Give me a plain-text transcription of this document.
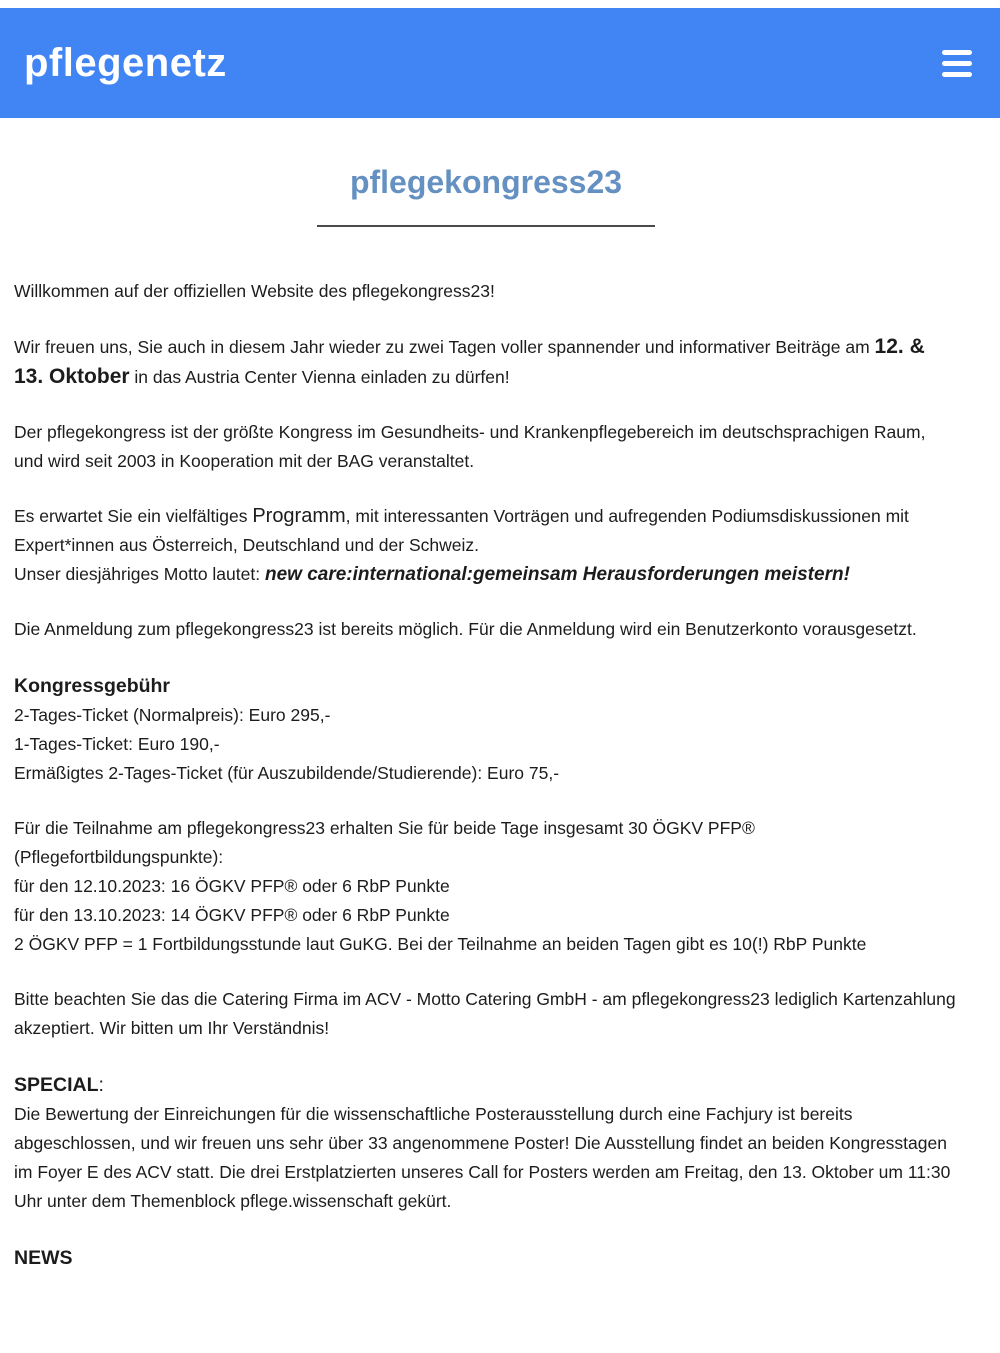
pflegenetz
pflegekongress23

Willkommen auf der offiziellen Website des pflegekongress23!

Wir freuen uns, Sie auch in diesem Jahr wieder zu zwei Tagen voller spannender und informativer Beiträge am 12. & 13. Oktober in das Austria Center Vienna einladen zu dürfen!

Der pflegekongress ist der größte Kongress im Gesundheits- und Krankenpflegebereich im deutschsprachigen Raum, und wird seit 2003 in Kooperation mit der BAG veranstaltet.

Es erwartet Sie ein vielfältiges Programm, mit interessanten Vorträgen und aufregenden Podiumsdiskussionen mit Expert*innen aus Österreich, Deutschland und der Schweiz.
Unser diesjähriges Motto lautet: new care:international:gemeinsam Herausforderungen meistern!

Die Anmeldung zum pflegekongress23 ist bereits möglich. Für die Anmeldung wird ein Benutzerkonto vorausgesetzt.

Kongressgebühr
2-Tages-Ticket (Normalpreis): Euro 295,-
1-Tages-Ticket: Euro 190,-
Ermäßigtes 2-Tages-Ticket (für Auszubildende/Studierende): Euro 75,-
Für die Teilnahme am pflegekongress23 erhalten Sie für beide Tage insgesamt 30 ÖGKV PFP® (Pflegefortbildungspunkte):
für den 12.10.2023: 16 ÖGKV PFP® oder 6 RbP Punkte
für den 13.10.2023: 14 ÖGKV PFP® oder 6 RbP Punkte
2 ÖGKV PFP = 1 Fortbildungsstunde laut GuKG. Bei der Teilnahme an beiden Tagen gibt es 10(!) RbP Punkte

Bitte beachten Sie das die Catering Firma im ACV - Motto Catering GmbH - am pflegekongress23 lediglich Kartenzahlung akzeptiert. Wir bitten um Ihr Verständnis!

SPECIAL:

Die Bewertung der Einreichungen für die wissenschaftliche Posterausstellung durch eine Fachjury ist bereits abgeschlossen, und wir freuen uns sehr über 33 angenommene Poster! Die Ausstellung findet an beiden Kongresstagen im Foyer E des ACV statt. Die drei Erstplatzierten unseres Call for Posters werden am Freitag, den 13. Oktober um 11:30 Uhr unter dem Themenblock pflege.wissenschaft gekürt.

NEWS
